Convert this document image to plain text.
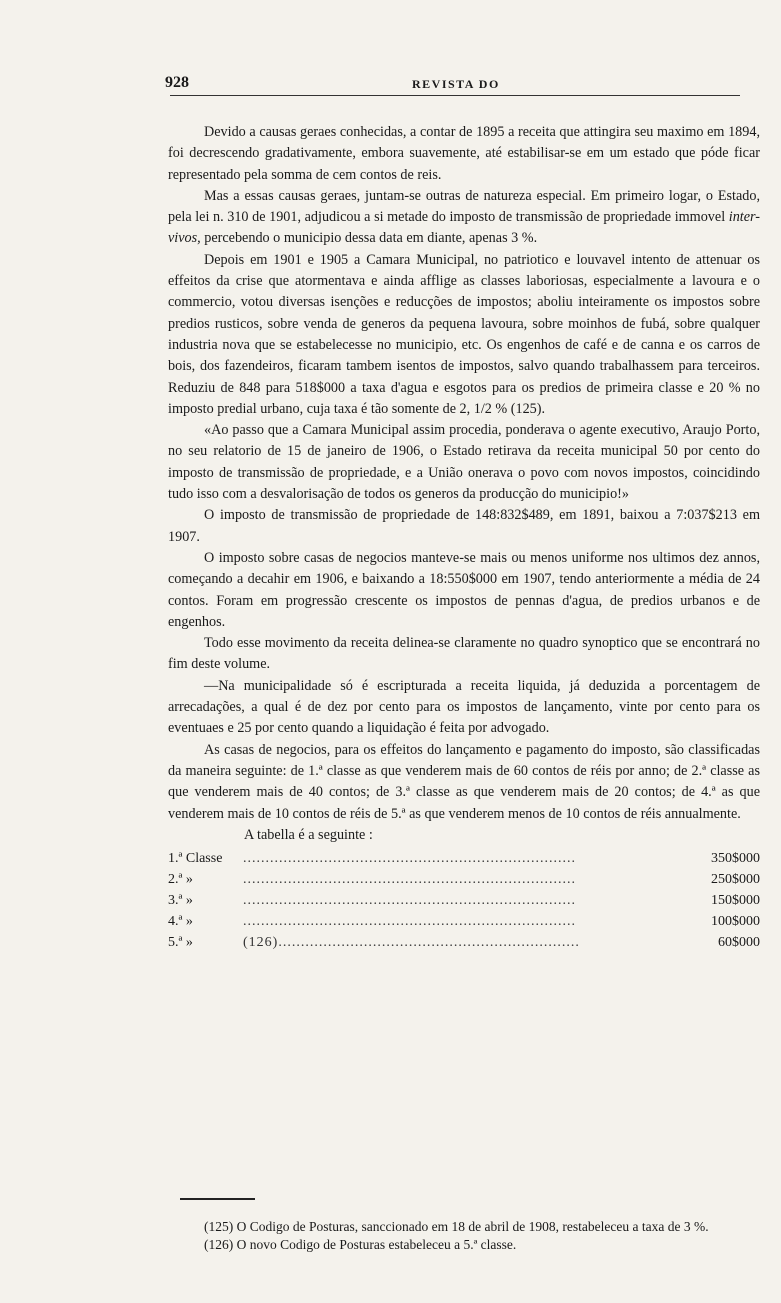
928	REVISTA DO

Devido a causas geraes conhecidas, a contar de 1895 a receita que attingira seu maximo em 1894, foi decrescendo gradativamente, embora suavemente, até estabilisar-se em um estado que póde ficar representado pela somma de cem contos de reis.

Mas a essas causas geraes, juntam-se outras de natureza especial. Em primeiro logar, o Estado, pela lei n. 310 de 1901, adjudicou a si metade do imposto de transmissão de propriedade immovel inter-vivos, percebendo o municipio dessa data em diante, apenas 3 %.

Depois em 1901 e 1905 a Camara Municipal, no patriotico e louvavel intento de attenuar os effeitos da crise que atormentava e ainda afflige as classes laboriosas, especialmente a lavoura e o commercio, votou diversas isenções e reducções de impostos; aboliu inteiramente os impostos sobre predios rusticos, sobre venda de generos da pequena lavoura, sobre moinhos de fubá, sobre qualquer industria nova que se estabelecesse no municipio, etc. Os engenhos de café e de canna e os carros de bois, dos fazendeiros, ficaram tambem isentos de impostos, salvo quando trabalhassem para terceiros. Reduziu de 848 para 518$000 a taxa d'agua e esgotos para os predios de primeira classe e 20 % no imposto predial urbano, cuja taxa é tão somente de 2, 1/2 % (125).

«Ao passo que a Camara Municipal assim procedia, ponderava o agente executivo, Araujo Porto, no seu relatorio de 15 de janeiro de 1906, o Estado retirava da receita municipal 50 por cento do imposto de transmissão de propriedade, e a União onerava o povo com novos impostos, coincidindo tudo isso com a desvalorisação de todos os generos da producção do municipio!»

O imposto de transmissão de propriedade de 148:832$489, em 1891, baixou a 7:037$213 em 1907.

O imposto sobre casas de negocios manteve-se mais ou menos uniforme nos ultimos dez annos, começando a decahir em 1906, e baixando a 18:550$000 em 1907, tendo anteriormente a média de 24 contos. Foram em progressão crescente os impostos de pennas d'agua, de predios urbanos e de engenhos.

Todo esse movimento da receita delinea-se claramente no quadro synoptico que se encontrará no fim deste volume.

—Na municipalidade só é escripturada a receita liquida, já deduzida a porcentagem de arrecadações, a qual é de dez por cento para os impostos de lançamento, vinte por cento para os eventuaes e 25 por cento quando a liquidação é feita por advogado.

As casas de negocios, para os effeitos do lançamento e pagamento do imposto, são classificadas da maneira seguinte: de 1.ª classe as que venderem mais de 60 contos de réis por anno; de 2.ª classe as que venderem mais de 40 contos; de 3.ª classe as que venderem mais de 20 contos; de 4.ª as que venderem mais de 10 contos de réis de 5.ª as que venderem menos de 10 contos de réis annualmente.

A tabella é a seguinte :

1.ª Classe	..........................................................................	350$000
2.ª »	..........................................................................	250$000
3.ª »	..........................................................................	150$000
4.ª »	..........................................................................	100$000
5.ª »	(126)...................................................................	60$000

(125) O Codigo de Posturas, sanccionado em 18 de abril de 1908, restabeleceu a taxa de 3 %.

(126) O novo Codigo de Posturas estabeleceu a 5.ª classe.
